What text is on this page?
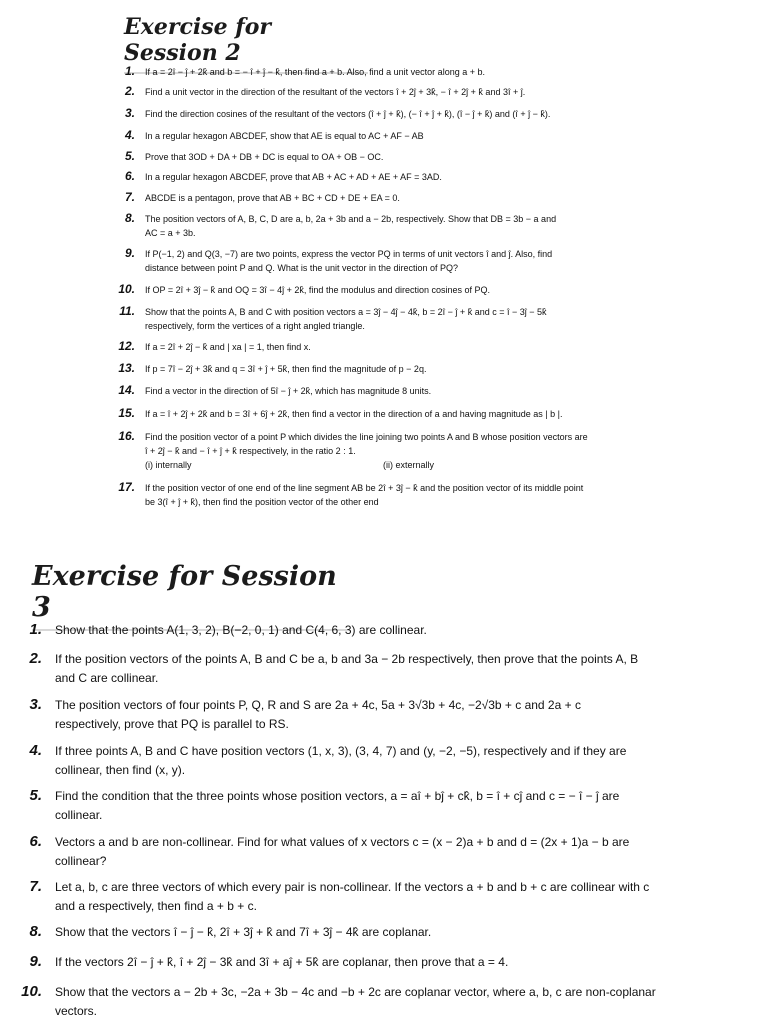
Exercise for Session 2
1.	If a = 2î − ĵ + 2k̂ and b = − î + ĵ − k̂, then find a + b. Also, find a unit vector along a + b.
2.	Find a unit vector in the direction of the resultant of the vectors î + 2ĵ + 3k̂, − î + 2ĵ + k̂ and 3î + ĵ.
3.	Find the direction cosines of the resultant of the vectors (î + ĵ + k̂), (− î + ĵ + k̂), (î − ĵ + k̂) and (î + ĵ − k̂).
4.	In a regular hexagon ABCDEF, show that AE is equal to AC + AF − AB
5.	Prove that 3OD + DA + DB + DC is equal to OA + OB − OC.
6.	In a regular hexagon ABCDEF, prove that AB + AC + AD + AE + AF = 3AD.
7.	ABCDE is a pentagon, prove that AB + BC + CD + DE + EA = 0.
8.	The position vectors of A, B, C, D are a, b, 2a + 3b and a − 2b, respectively. Show that DB = 3b − a and
AC = a + 3b.
9.	If P(−1, 2) and Q(3, −7) are two points, express the vector PQ in terms of unit vectors î and ĵ. Also, find
distance between point P and Q. What is the unit vector in the direction of PQ?
10.	If OP = 2î + 3ĵ − k̂ and OQ = 3î − 4ĵ + 2k̂, find the modulus and direction cosines of PQ.
11.	Show that the points A, B and C with position vectors a = 3ĵ − 4ĵ − 4k̂, b = 2î − ĵ + k̂ and c = î − 3ĵ − 5k̂
respectively, form the vertices of a right angled triangle.
12.	If a = 2î + 2ĵ − k̂ and | xa | = 1, then find x.
13.	If p = 7î − 2ĵ + 3k̂ and q = 3î + ĵ + 5k̂, then find the magnitude of p − 2q.
14.	Find a vector in the direction of 5î − ĵ + 2k̂, which has magnitude 8 units.
15.	If a = î + 2ĵ + 2k̂ and b = 3î + 6ĵ + 2k̂, then find a vector in the direction of a and having magnitude as | b |.
16.	Find the position vector of a point P which divides the line joining two points A and B whose position vectors are
î + 2ĵ − k̂ and − î + ĵ + k̂ respectively, in the ratio 2 : 1.
(i) internally	(ii) externally
17.	If the position vector of one end of the line segment AB be 2î + 3ĵ − k̂ and the position vector of its middle point
be 3(î + ĵ + k̂), then find the position vector of the other end
Exercise for Session 3
1.	Show that the points A(1, 3, 2), B(−2, 0, 1) and C(4, 6, 3) are collinear.
2.	If the position vectors of the points A, B and C be a, b and 3a − 2b respectively, then prove that the points A, B
and C are collinear.
3.	The position vectors of four points P, Q, R and S are 2a + 4c, 5a + 3√3b + 4c, −2√3b + c and 2a + c
respectively, prove that PQ is parallel to RS.
4.	If three points A, B and C have position vectors (1, x, 3), (3, 4, 7) and (y, −2, −5), respectively and if they are
collinear, then find (x, y).
5.	Find the condition that the three points whose position vectors, a = aî + bĵ + ck̂, b = î + cĵ and c = − î − ĵ are
collinear.
6.	Vectors a and b are non-collinear. Find for what values of x vectors c = (x − 2)a + b and d = (2x + 1)a − b are
collinear?
7.	Let a, b, c are three vectors of which every pair is non-collinear. If the vectors a + b and b + c are collinear with c
and a respectively, then find a + b + c.
8.	Show that the vectors î − ĵ − k̂, 2î + 3ĵ + k̂ and 7î + 3ĵ − 4k̂ are coplanar.
9.	If the vectors 2î − ĵ + k̂, î + 2ĵ − 3k̂ and 3î + aĵ + 5k̂ are coplanar, then prove that a = 4.
10.	Show that the vectors a − 2b + 3c, −2a + 3b − 4c and −b + 2c are coplanar vector, where a, b, c are non-coplanar
vectors.
